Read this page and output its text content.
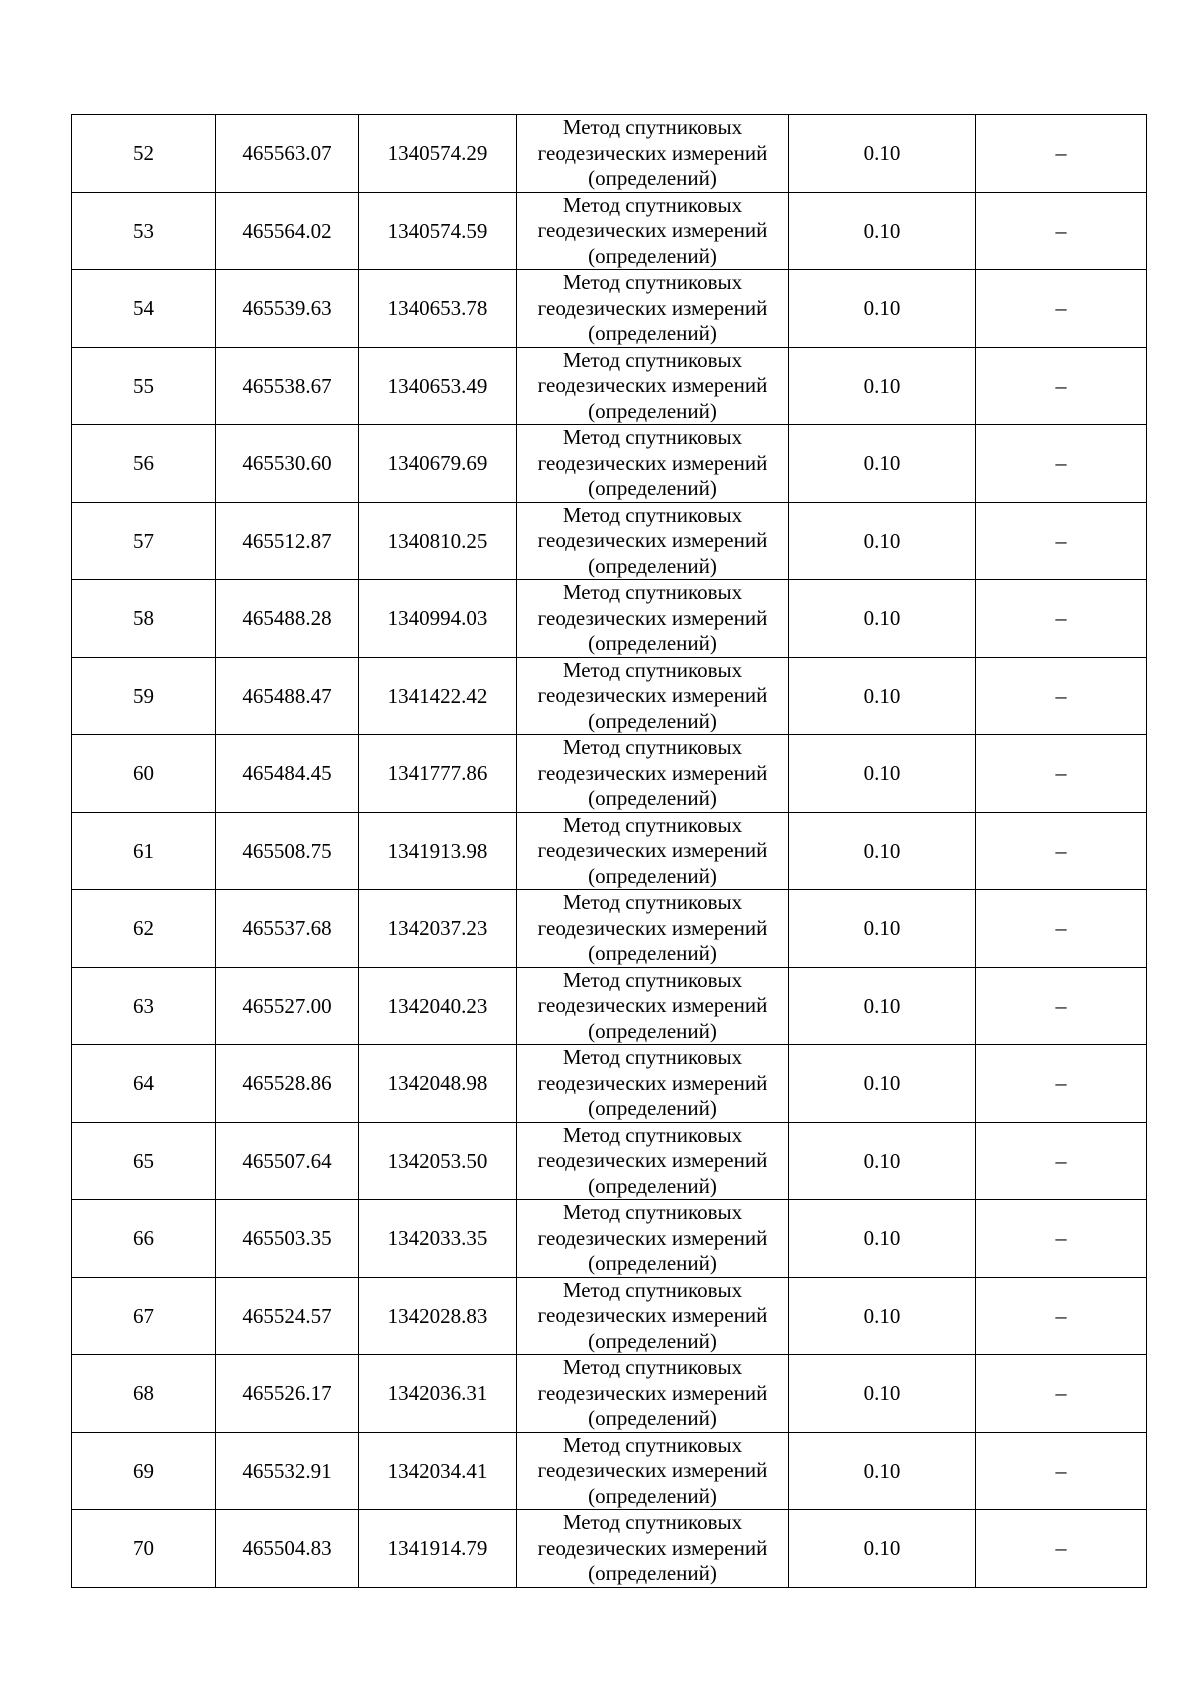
52	465563.07	1340574.29	Метод спутниковых геодезических измерений (определений)	0.10	–
53	465564.02	1340574.59	Метод спутниковых геодезических измерений (определений)	0.10	–
54	465539.63	1340653.78	Метод спутниковых геодезических измерений (определений)	0.10	–
55	465538.67	1340653.49	Метод спутниковых геодезических измерений (определений)	0.10	–
56	465530.60	1340679.69	Метод спутниковых геодезических измерений (определений)	0.10	–
57	465512.87	1340810.25	Метод спутниковых геодезических измерений (определений)	0.10	–
58	465488.28	1340994.03	Метод спутниковых геодезических измерений (определений)	0.10	–
59	465488.47	1341422.42	Метод спутниковых геодезических измерений (определений)	0.10	–
60	465484.45	1341777.86	Метод спутниковых геодезических измерений (определений)	0.10	–
61	465508.75	1341913.98	Метод спутниковых геодезических измерений (определений)	0.10	–
62	465537.68	1342037.23	Метод спутниковых геодезических измерений (определений)	0.10	–
63	465527.00	1342040.23	Метод спутниковых геодезических измерений (определений)	0.10	–
64	465528.86	1342048.98	Метод спутниковых геодезических измерений (определений)	0.10	–
65	465507.64	1342053.50	Метод спутниковых геодезических измерений (определений)	0.10	–
66	465503.35	1342033.35	Метод спутниковых геодезических измерений (определений)	0.10	–
67	465524.57	1342028.83	Метод спутниковых геодезических измерений (определений)	0.10	–
68	465526.17	1342036.31	Метод спутниковых геодезических измерений (определений)	0.10	–
69	465532.91	1342034.41	Метод спутниковых геодезических измерений (определений)	0.10	–
70	465504.83	1341914.79	Метод спутниковых геодезических измерений (определений)	0.10	–
